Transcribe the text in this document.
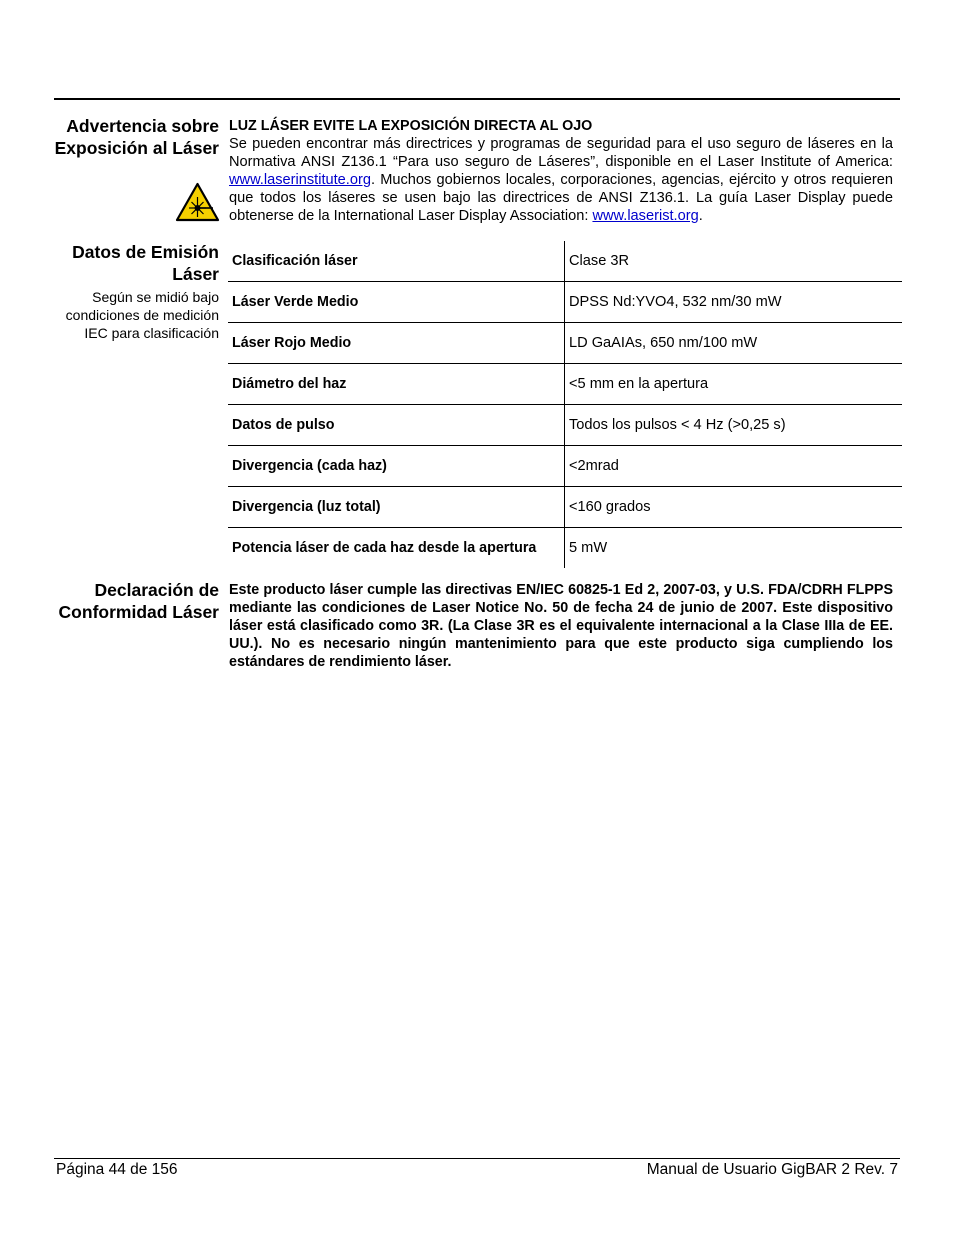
Advertencia sobre Exposición al Láser
LUZ LÁSER EVITE LA EXPOSICIÓN DIRECTA AL OJO
Se pueden encontrar más directrices y programas de seguridad para el uso seguro de láseres en la Normativa ANSI Z136.1 “Para uso seguro de Láseres”, disponible en el Laser Institute of America: www.laserinstitute.org. Muchos gobiernos locales, corporaciones, agencias, ejército y otros requieren que todos los láseres se usen bajo las directrices de ANSI Z136.1. La guía Laser Display puede obtenerse de la International Laser Display Association: www.laserist.org.
Datos de Emisión Láser
Según se midió bajo condiciones de medición IEC para clasificación
Clasificación láser	Clase 3R
Láser Verde Medio	DPSS Nd:YVO4, 532 nm/30 mW
Láser Rojo Medio	LD GaAIAs, 650 nm/100 mW
Diámetro del haz	<5 mm en la apertura
Datos de pulso	Todos los pulsos < 4 Hz (>0,25 s)
Divergencia (cada haz)	<2mrad
Divergencia (luz total)	<160 grados
Potencia láser de cada haz desde la apertura	5 mW
Declaración de Conformidad Láser
Este producto láser cumple las directivas EN/IEC 60825-1 Ed 2, 2007-03, y U.S. FDA/CDRH FLPPS mediante las condiciones de Laser Notice No. 50 de fecha 24 de junio de 2007. Este dispositivo láser está clasificado como 3R. (La Clase 3R es el equivalente internacional a la Clase IIIa de EE. UU.). No es necesario ningún mantenimiento para que este producto siga cumpliendo los estándares de rendimiento láser.
Página 44 de 156	Manual de Usuario GigBAR 2 Rev. 7
